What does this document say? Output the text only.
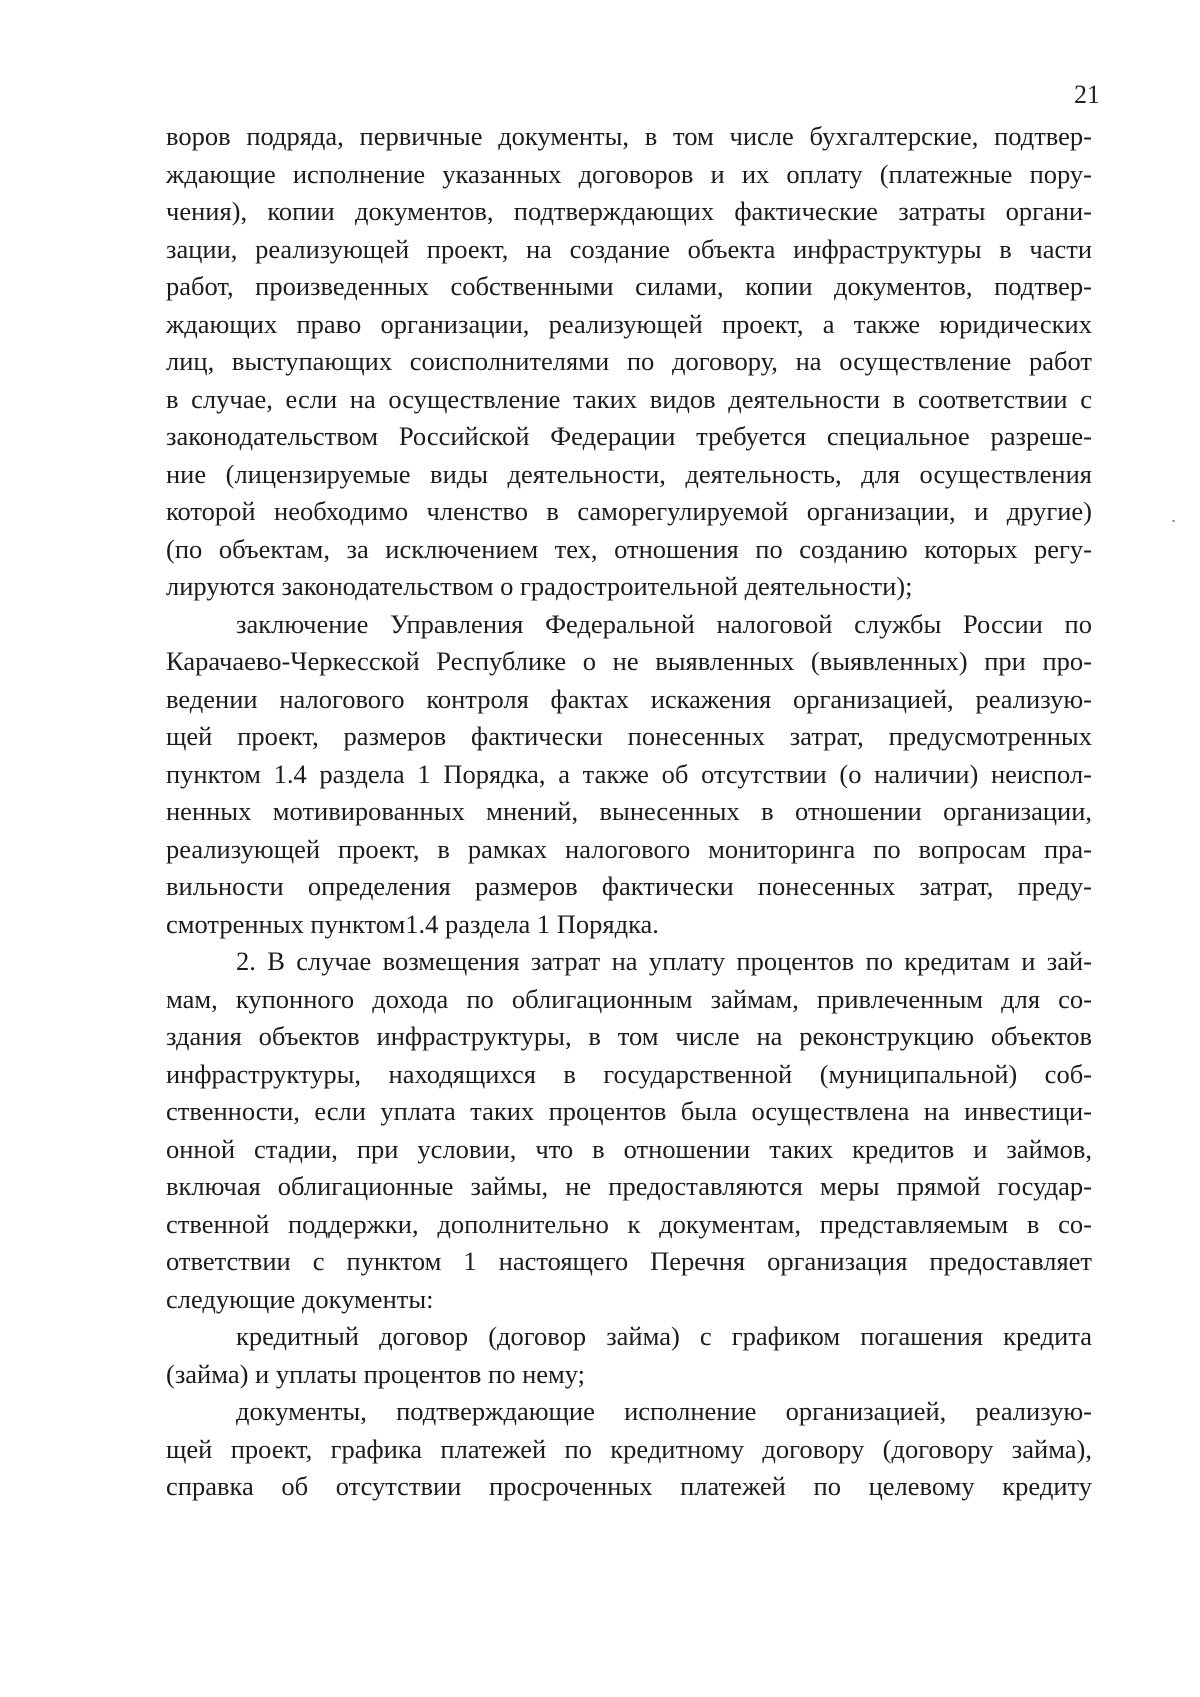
21
воров подряда, первичные документы, в том числе бухгалтерские, подтвер-
ждающие исполнение указанных договоров и их оплату (платежные пору-
чения), копии документов, подтверждающих фактические затраты органи-
зации, реализующей проект, на создание объекта инфраструктуры в части
работ, произведенных собственными силами, копии документов, подтвер-
ждающих право организации, реализующей проект, а также юридических
лиц, выступающих соисполнителями по договору, на осуществление работ
в случае, если на осуществление таких видов деятельности в соответствии с
законодательством Российской Федерации требуется специальное разреше-
ние (лицензируемые виды деятельности, деятельность, для осуществления
которой необходимо членство в саморегулируемой организации, и другие)
(по объектам, за исключением тех, отношения по созданию которых регу-
лируются законодательством о градостроительной деятельности);
заключение Управления Федеральной налоговой службы России по
Карачаево-Черкесской Республике о не выявленных (выявленных) при про-
ведении налогового контроля фактах искажения организацией, реализую-
щей проект, размеров фактически понесенных затрат, предусмотренных
пунктом 1.4 раздела 1 Порядка, а также об отсутствии (о наличии) неиспол-
ненных мотивированных мнений, вынесенных в отношении организации,
реализующей проект, в рамках налогового мониторинга по вопросам пра-
вильности определения размеров фактически понесенных затрат, преду-
смотренных пунктом1.4 раздела 1 Порядка.
2. В случае возмещения затрат на уплату процентов по кредитам и зай-
мам, купонного дохода по облигационным займам, привлеченным для со-
здания объектов инфраструктуры, в том числе на реконструкцию объектов
инфраструктуры, находящихся в государственной (муниципальной) соб-
ственности, если уплата таких процентов была осуществлена на инвестици-
онной стадии, при условии, что в отношении таких кредитов и займов,
включая облигационные займы, не предоставляются меры прямой государ-
ственной поддержки, дополнительно к документам, представляемым в со-
ответствии с пунктом 1 настоящего Перечня организация предоставляет
следующие документы:
кредитный договор (договор займа) с графиком погашения кредита
(займа) и уплаты процентов по нему;
документы, подтверждающие исполнение организацией, реализую-
щей проект, графика платежей по кредитному договору (договору займа),
справка об отсутствии просроченных платежей по целевому кредиту
